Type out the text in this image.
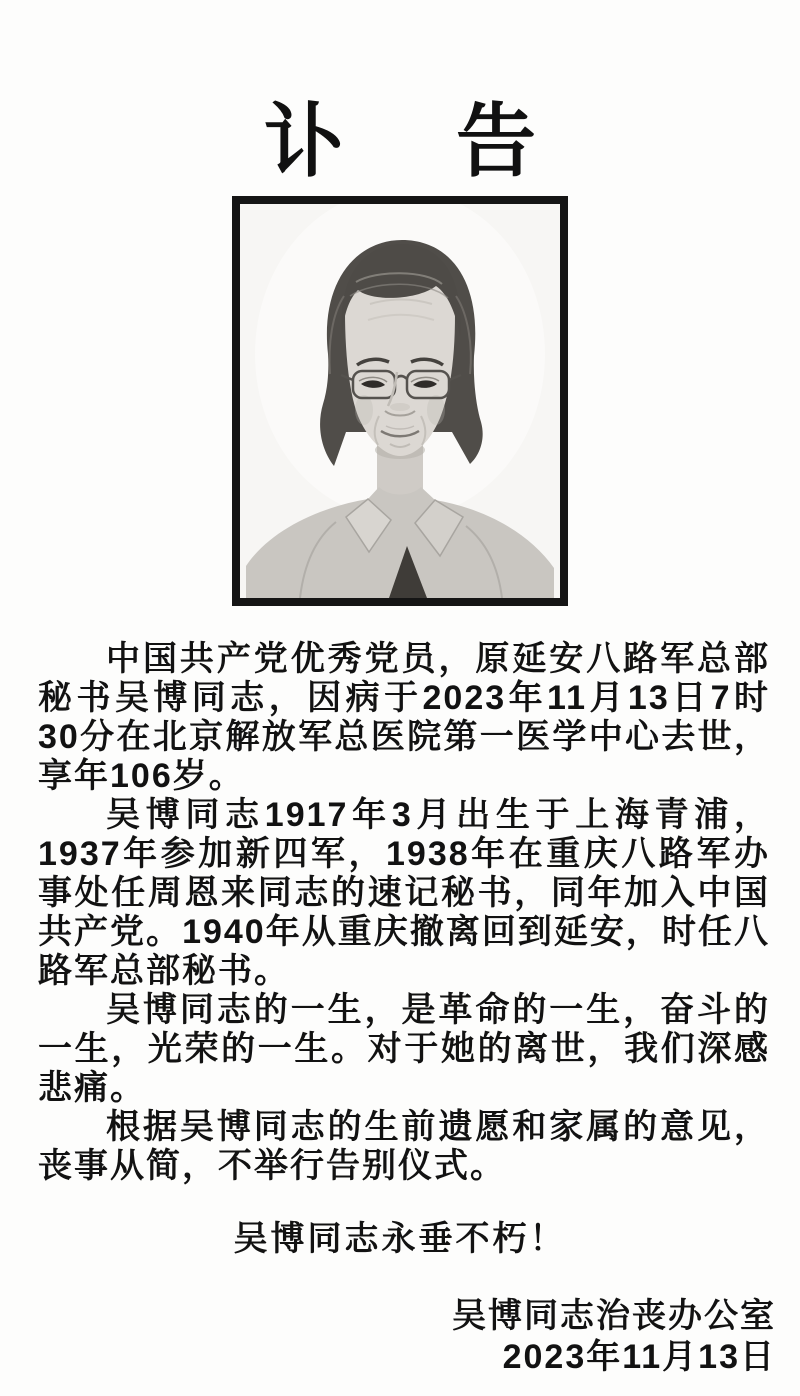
讣 告

中国共产党优秀党员，原延安八路军总部秘书吴博同志，因病于2023年11月13日7时30分在北京解放军总医院第一医学中心去世，享年106岁。

吴博同志1917年3月出生于上海青浦，1937年参加新四军，1938年在重庆八路军办事处任周恩来同志的速记秘书，同年加入中国共产党。1940年从重庆撤离回到延安，时任八路军总部秘书。

吴博同志的一生，是革命的一生，奋斗的一生，光荣的一生。对于她的离世，我们深感悲痛。

根据吴博同志的生前遗愿和家属的意见，丧事从简，不举行告别仪式。

吴博同志永垂不朽！
吴博同志治丧办公室
2023年11月13日
